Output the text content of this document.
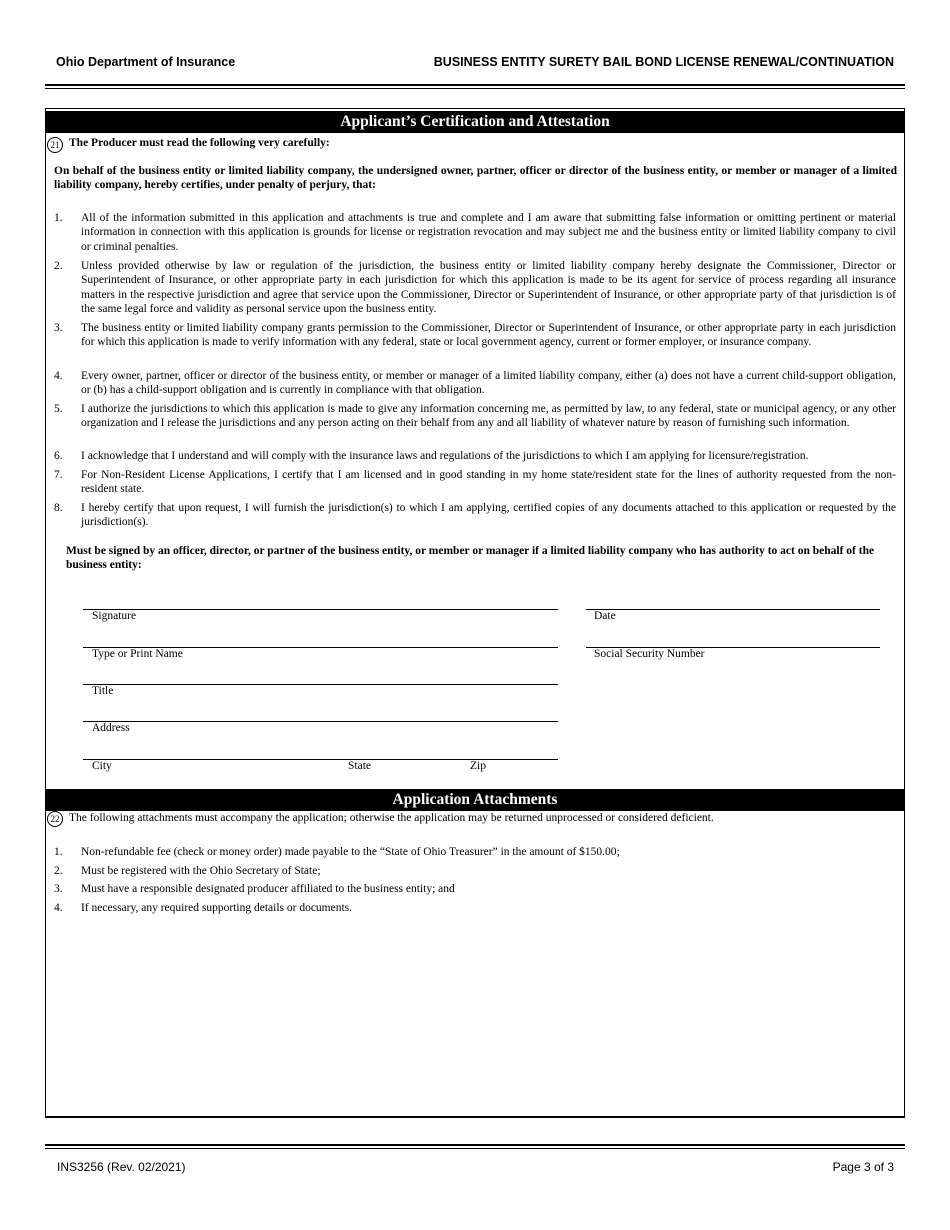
Ohio Department of Insurance	BUSINESS ENTITY SURETY BAIL BOND LICENSE RENEWAL/CONTINUATION
Applicant’s Certification and Attestation
21 The Producer must read the following very carefully:
On behalf of the business entity or limited liability company, the undersigned owner, partner, officer or director of the business entity, or member or manager of a limited liability company, hereby certifies, under penalty of perjury, that:
1. All of the information submitted in this application and attachments is true and complete and I am aware that submitting false information or omitting pertinent or material information in connection with this application is grounds for license or registration revocation and may subject me and the business entity or limited liability company to civil or criminal penalties.
2. Unless provided otherwise by law or regulation of the jurisdiction, the business entity or limited liability company hereby designate the Commissioner, Director or Superintendent of Insurance, or other appropriate party in each jurisdiction for which this application is made to be its agent for service of process regarding all insurance matters in the respective jurisdiction and agree that service upon the Commissioner, Director or Superintendent of Insurance, or other appropriate party of that jurisdiction is of the same legal force and validity as personal service upon the business entity.
3. The business entity or limited liability company grants permission to the Commissioner, Director or Superintendent of Insurance, or other appropriate party in each jurisdiction for which this application is made to verify information with any federal, state or local government agency, current or former employer, or insurance company.
4. Every owner, partner, officer or director of the business entity, or member or manager of a limited liability company, either (a) does not have a current child-support obligation, or (b) has a child-support obligation and is currently in compliance with that obligation.
5. I authorize the jurisdictions to which this application is made to give any information concerning me, as permitted by law, to any federal, state or municipal agency, or any other organization and I release the jurisdictions and any person acting on their behalf from any and all liability of whatever nature by reason of furnishing such information.
6. I acknowledge that I understand and will comply with the insurance laws and regulations of the jurisdictions to which I am applying for licensure/registration.
7. For Non-Resident License Applications, I certify that I am licensed and in good standing in my home state/resident state for the lines of authority requested from the non-resident state.
8. I hereby certify that upon request, I will furnish the jurisdiction(s) to which I am applying, certified copies of any documents attached to this application or requested by the jurisdiction(s).
Must be signed by an officer, director, or partner of the business entity, or member or manager if a limited liability company who has authority to act on behalf of the business entity:
Signature	Date
Type or Print Name	Social Security Number
Title
Address
City	State	Zip
Application Attachments
22 The following attachments must accompany the application; otherwise the application may be returned unprocessed or considered deficient.
1. Non-refundable fee (check or money order) made payable to the “State of Ohio Treasurer” in the amount of $150.00;
2. Must be registered with the Ohio Secretary of State;
3. Must have a responsible designated producer affiliated to the business entity; and
4. If necessary, any required supporting details or documents.
INS3256 (Rev. 02/2021)	Page 3 of 3
